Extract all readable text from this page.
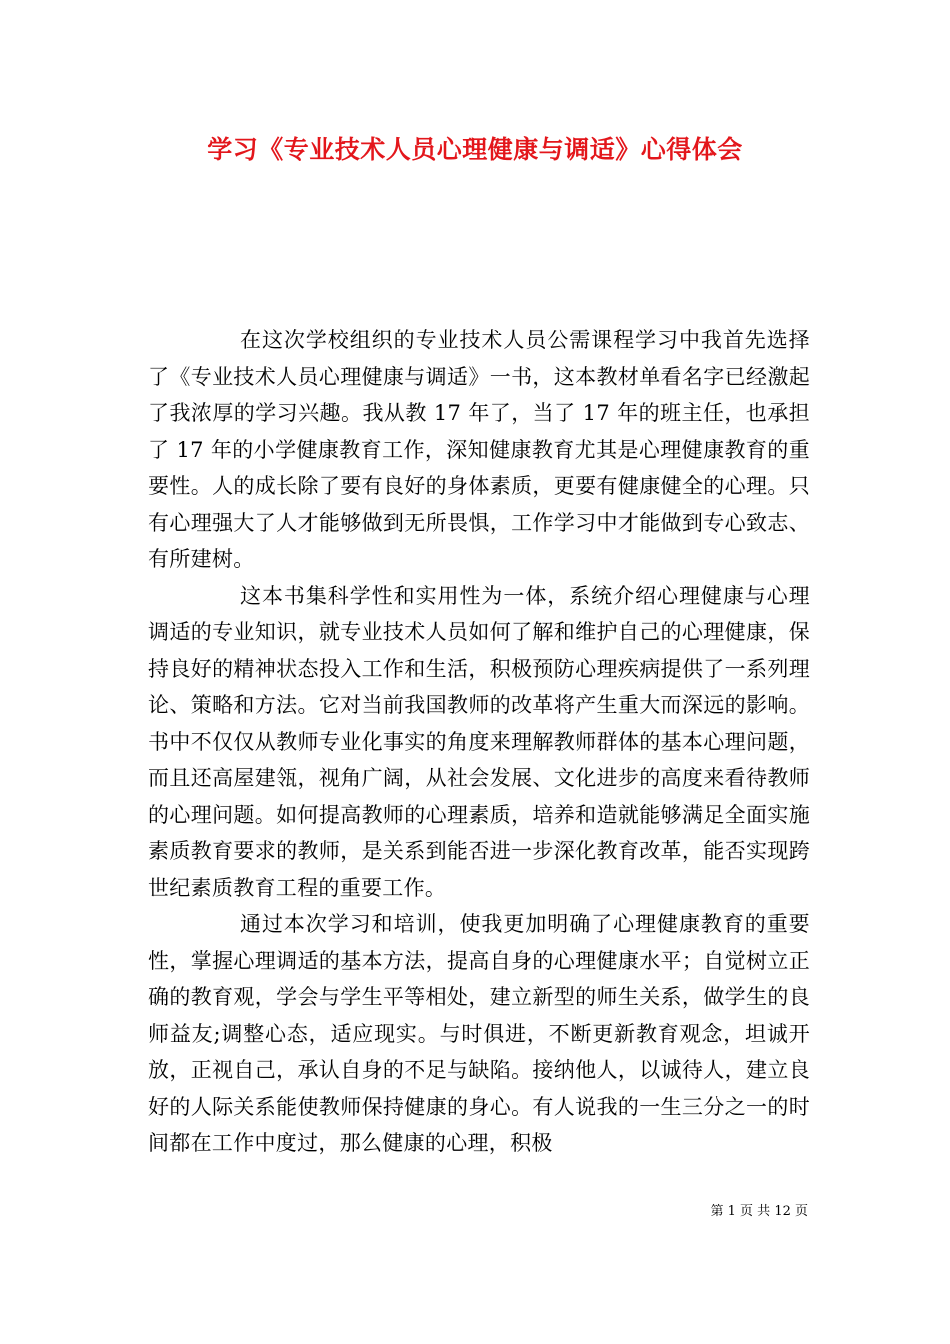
学习《专业技术人员心理健康与调适》心得体会

在这次学校组织的专业技术人员公需课程学习中我首先选择了《专业技术人员心理健康与调适》一书，这本教材单看名字已经激起了我浓厚的学习兴趣。我从教 17 年了，当了 17 年的班主任，也承担了 17 年的小学健康教育工作，深知健康教育尤其是心理健康教育的重要性。人的成长除了要有良好的身体素质，更要有健康健全的心理。只有心理强大了人才能够做到无所畏惧，工作学习中才能做到专心致志、有所建树。

这本书集科学性和实用性为一体，系统介绍心理健康与心理调适的专业知识，就专业技术人员如何了解和维护自己的心理健康，保持良好的精神状态投入工作和生活，积极预防心理疾病提供了一系列理论、策略和方法。它对当前我国教师的改革将产生重大而深远的影响。书中不仅仅从教师专业化事实的角度来理解教师群体的基本心理问题，而且还高屋建瓴，视角广阔，从社会发展、文化进步的高度来看待教师的心理问题。如何提高教师的心理素质，培养和造就能够满足全面实施素质教育要求的教师，是关系到能否进一步深化教育改革，能否实现跨世纪素质教育工程的重要工作。

通过本次学习和培训，使我更加明确了心理健康教育的重要性，掌握心理调适的基本方法，提高自身的心理健康水平；自觉树立正确的教育观，学会与学生平等相处，建立新型的师生关系，做学生的良师益友;调整心态，适应现实。与时俱进，不断更新教育观念，坦诚开放，正视自己，承认自身的不足与缺陷。接纳他人，以诚待人，建立良好的人际关系能使教师保持健康的身心。有人说我的一生三分之一的时间都在工作中度过，那么健康的心理，积极

第 1 页 共 12 页
